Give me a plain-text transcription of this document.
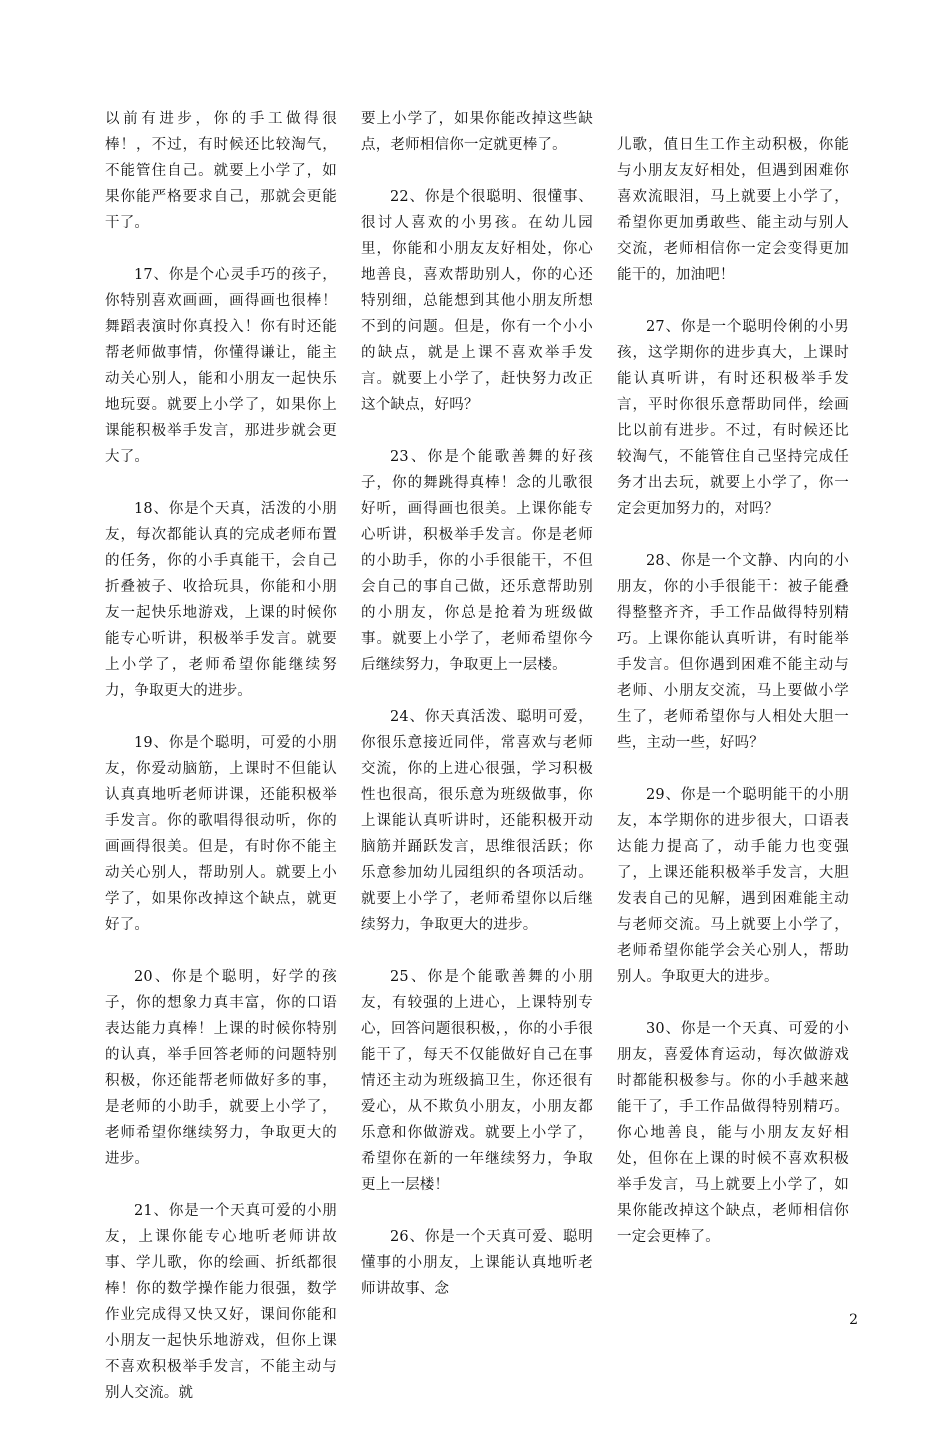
以前有进步，你的手工做得很棒！，不过，有时候还比较淘气，不能管住自己。就要上小学了，如果你能严格要求自己，那就会更能干了。

17、你是个心灵手巧的孩子，你特别喜欢画画，画得画也很棒！舞蹈表演时你真投入！你有时还能帮老师做事情，你懂得谦让，能主动关心别人，能和小朋友一起快乐地玩耍。就要上小学了，如果你上课能积极举手发言，那进步就会更大了。

18、你是个天真，活泼的小朋友，每次都能认真的完成老师布置的任务，你的小手真能干，会自己折叠被子、收拾玩具，你能和小朋友一起快乐地游戏，上课的时候你能专心听讲，积极举手发言。就要上小学了，老师希望你能继续努力，争取更大的进步。

19、你是个聪明，可爱的小朋友，你爱动脑筋，上课时不但能认认真真地听老师讲课，还能积极举手发言。你的歌唱得很动听，你的画画得很美。但是，有时你不能主动关心别人，帮助别人。就要上小学了，如果你改掉这个缺点，就更好了。

20、你是个聪明，好学的孩子，你的想象力真丰富，你的口语表达能力真棒！上课的时候你特别的认真，举手回答老师的问题特别积极，你还能帮老师做好多的事，是老师的小助手，就要上小学了，老师希望你继续努力，争取更大的进步。

21、你是一个天真可爱的小朋友，上课你能专心地听老师讲故事、学儿歌，你的绘画、折纸都很棒！你的数学操作能力很强，数学作业完成得又快又好，课间你能和小朋友一起快乐地游戏，但你上课不喜欢积极举手发言，不能主动与别人交流。就

要上小学了，如果你能改掉这些缺点，老师相信你一定就更棒了。

22、你是个很聪明、很懂事、很讨人喜欢的小男孩。在幼儿园里，你能和小朋友友好相处，你心地善良，喜欢帮助别人，你的心还特别细，总能想到其他小朋友所想不到的问题。但是，你有一个小小的缺点，就是上课不喜欢举手发言。就要上小学了，赶快努力改正这个缺点，好吗？

23、你是个能歌善舞的好孩子，你的舞跳得真棒！念的儿歌很好听，画得画也很美。上课你能专心听讲，积极举手发言。你是老师的小助手，你的小手很能干，不但会自己的事自己做，还乐意帮助别的小朋友，你总是抢着为班级做事。就要上小学了，老师希望你今后继续努力，争取更上一层楼。

24、你天真活泼、聪明可爱，你很乐意接近同伴，常喜欢与老师交流，你的上进心很强，学习积极性也很高，很乐意为班级做事，你上课能认真听讲时，还能积极开动脑筋并踊跃发言，思维很活跃；你乐意参加幼儿园组织的各项活动。就要上小学了，老师希望你以后继续努力，争取更大的进步。

25、你是个能歌善舞的小朋友，有较强的上进心，上课特别专心，回答问题很积极，，你的小手很能干了，每天不仅能做好自己在事情还主动为班级搞卫生，你还很有爱心，从不欺负小朋友，小朋友都乐意和你做游戏。就要上小学了，希望你在新的一年继续努力，争取更上一层楼！

26、你是一个天真可爱、聪明懂事的小朋友，上课能认真地听老师讲故事、念

儿歌，值日生工作主动积极，你能与小朋友友好相处，但遇到困难你喜欢流眼泪，马上就要上小学了，希望你更加勇敢些、能主动与别人交流，老师相信你一定会变得更加能干的，加油吧！

27、你是一个聪明伶俐的小男孩，这学期你的进步真大，上课时能认真听讲，有时还积极举手发言，平时你很乐意帮助同伴，绘画比以前有进步。不过，有时候还比较淘气，不能管住自己坚持完成任务才出去玩，就要上小学了，你一定会更加努力的，对吗？

28、你是一个文静、内向的小朋友，你的小手很能干：被子能叠得整整齐齐，手工作品做得特别精巧。上课你能认真听讲，有时能举手发言。但你遇到困难不能主动与老师、小朋友交流，马上要做小学生了，老师希望你与人相处大胆一些，主动一些，好吗？

29、你是一个聪明能干的小朋友，本学期你的进步很大，口语表达能力提高了，动手能力也变强了，上课还能积极举手发言，大胆发表自己的见解，遇到困难能主动与老师交流。马上就要上小学了，老师希望你能学会关心别人，帮助别人。争取更大的进步。

30、你是一个天真、可爱的小朋友，喜爱体育运动，每次做游戏时都能积极参与。你的小手越来越能干了，手工作品做得特别精巧。你心地善良，能与小朋友友好相处，但你在上课的时候不喜欢积极举手发言，马上就要上小学了，如果你能改掉这个缺点，老师相信你一定会更棒了。

2
